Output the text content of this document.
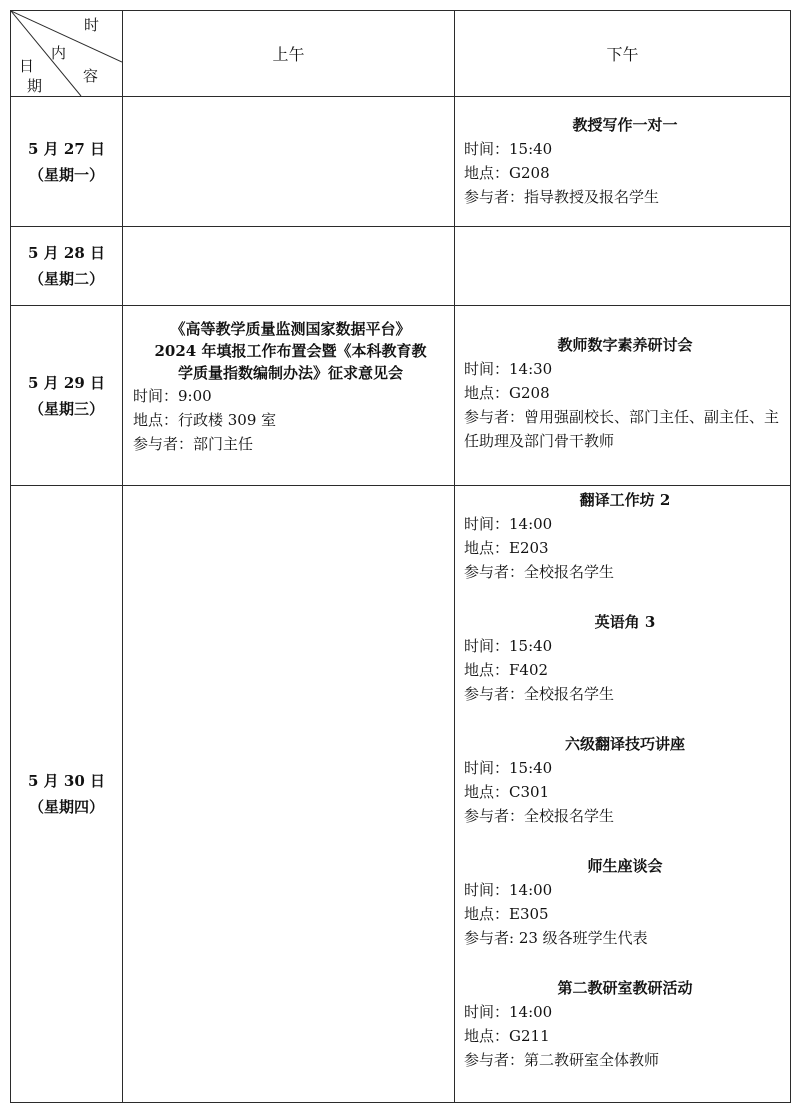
时
内
容
日
期
上午	下午
5 月 27 日
（星期一）
教授写作一对一
时间：15:40
地点：G208
参与者：指导教授及报名学生
5 月 28 日
（星期二）
5 月 29 日
（星期三）
《高等教学质量监测国家数据平台》
2024 年填报工作布置会暨《本科教育教
学质量指数编制办法》征求意见会
时间：9:00
地点：行政楼 309 室
参与者：部门主任
教师数字素养研讨会
时间：14:30
地点：G208
参与者：曾用强副校长、部门主任、副主任、主任助理及部门骨干教师
5 月 30 日
（星期四）
翻译工作坊 2
时间：14:00
地点：E203
参与者：全校报名学生
英语角 3
时间：15:40
地点：F402
参与者：全校报名学生
六级翻译技巧讲座
时间：15:40
地点：C301
参与者：全校报名学生
师生座谈会
时间：14:00
地点：E305
参与者: 23 级各班学生代表
第二教研室教研活动
时间：14:00
地点：G211
参与者：第二教研室全体教师
